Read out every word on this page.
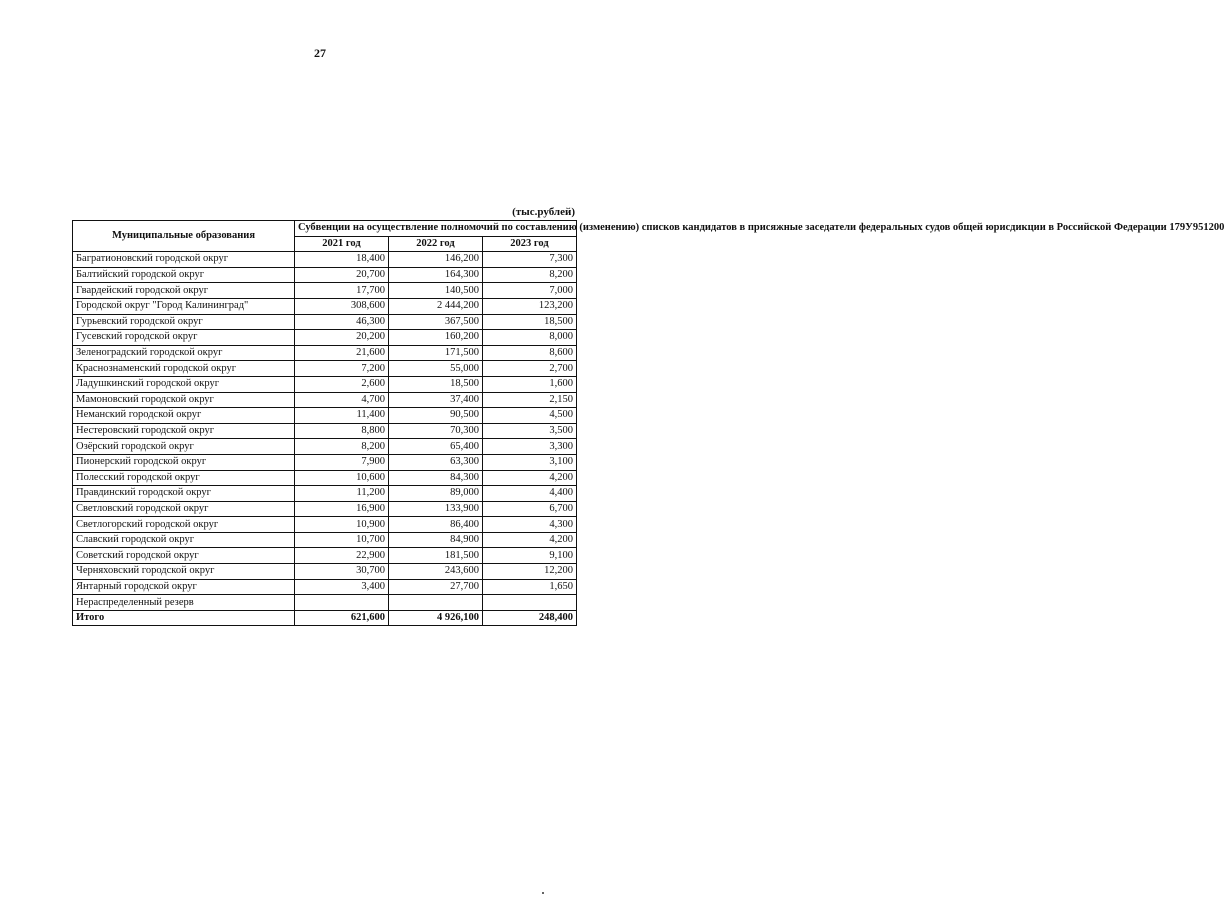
27
(тыс.рублей)
Муниципальные образования	Субвенции на осуществление полномочий по составлению (изменению) списков кандидатов в присяжные заседатели федеральных судов общей юрисдикции в Российской Федерации 179У951200		
	2021 год	2022 год	2023 год
Багратионовский городской округ	18,400	146,200	7,300
Балтийский городской округ	20,700	164,300	8,200
Гвардейский городской округ	17,700	140,500	7,000
Городской округ "Город Калининград"	308,600	2 444,200	123,200
Гурьевский городской округ	46,300	367,500	18,500
Гусевский городской округ	20,200	160,200	8,000
Зеленоградский городской округ	21,600	171,500	8,600
Краснознаменский городской округ	7,200	55,000	2,700
Ладушкинский городской округ	2,600	18,500	1,600
Мамоновский городской округ	4,700	37,400	2,150
Неманский городской округ	11,400	90,500	4,500
Нестеровский городской округ	8,800	70,300	3,500
Озёрский городской округ	8,200	65,400	3,300
Пионерский городской округ	7,900	63,300	3,100
Полесский городской округ	10,600	84,300	4,200
Правдинский городской округ	11,200	89,000	4,400
Светловский городской округ	16,900	133,900	6,700
Светлогорский городской округ	10,900	86,400	4,300
Славский городской округ	10,700	84,900	4,200
Советский городской округ	22,900	181,500	9,100
Черняховский городской округ	30,700	243,600	12,200
Янтарный городской округ	3,400	27,700	1,650
Нераспределенный резерв			
Итого	621,600	4 926,100	248,400
